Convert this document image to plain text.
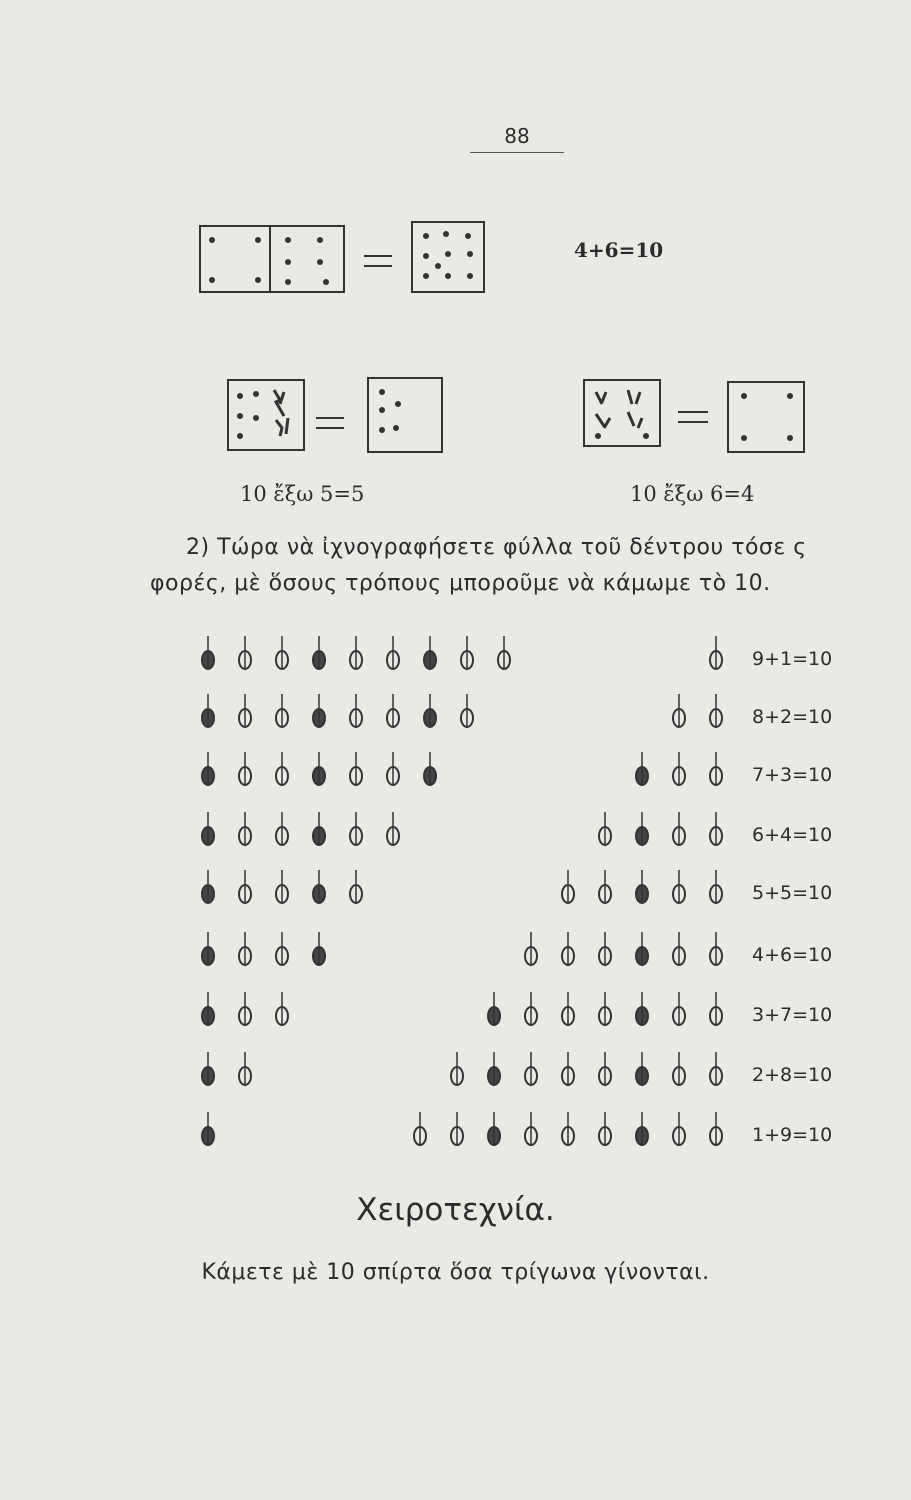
88
4+6=10
10 ἔξω 5=5	10 ἔξω 6=4
2) Τώρα νὰ ἰχνογραφήσετε φύλλα τοῦ δέντρου τόσε ς
φορές, μὲ ὅσους τρόπους μποροῦμε νὰ κάμωμε τὸ 10.
9+1=10
8+2=10
7+3=10
6+4=10
5+5=10
4+6=10
3+7=10
2+8=10
1+9=10
Χειροτεχνία.
Κάμετε μὲ 10 σπίρτα ὅσα τρίγωνα γίνονται.
